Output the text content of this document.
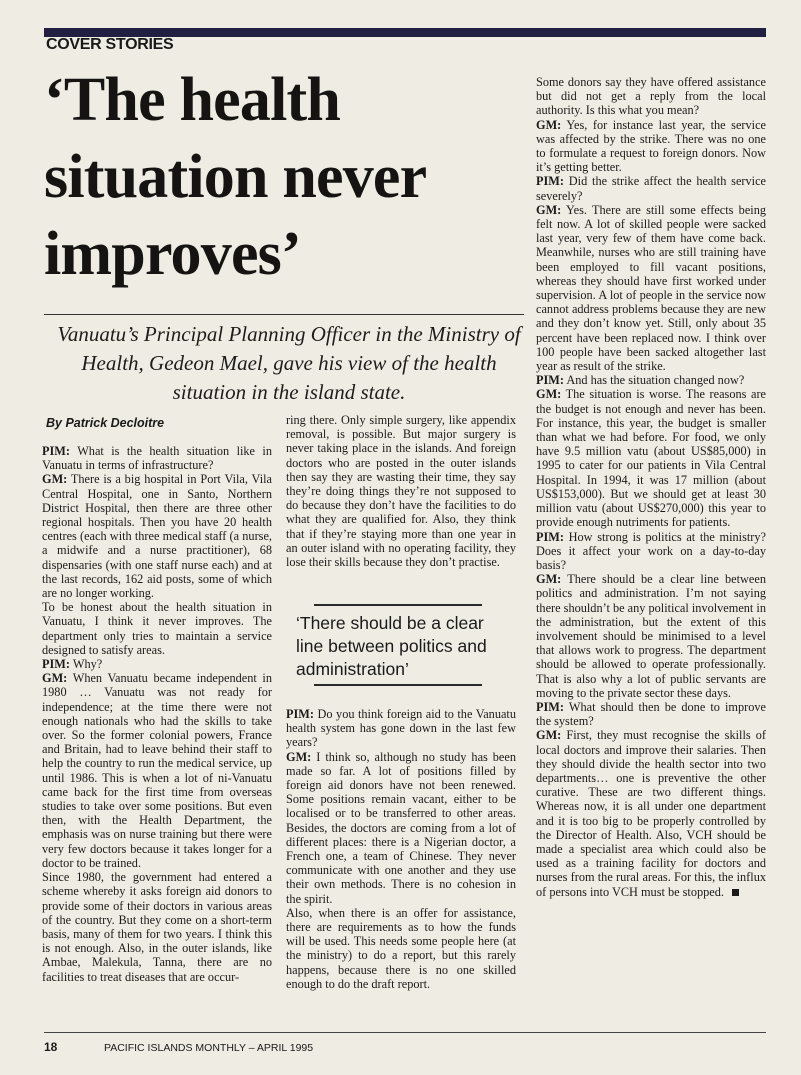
COVER STORIES
‘The health
situation never
improves’
Vanuatu’s Principal Planning Officer in the Ministry of Health, Gedeon Mael, gave his view of the health situation in the island state.
By Patrick Decloitre

PIM: What is the health situation like in Vanuatu in terms of infrastructure?

GM: There is a big hospital in Port Vila, Vila Central Hospital, one in Santo, Northern District Hospital, then there are three other regional hospitals. Then you have 20 health centres (each with three medical staff (a nurse, a midwife and a nurse practitioner), 68 dispensaries (with one staff nurse each) and at the last records, 162 aid posts, some of which are no longer working.

To be honest about the health situation in Vanuatu, I think it never improves. The department only tries to maintain a service designed to satisfy areas.

PIM: Why?

GM: When Vanuatu became independent in 1980 … Vanuatu was not ready for independence; at the time there were not enough nationals who had the skills to take over. So the former colonial powers, France and Britain, had to leave behind their staff to help the country to run the medical service, up until 1986. This is when a lot of ni-Vanuatu came back for the first time from overseas studies to take over some positions. But even then, with the Health Department, the emphasis was on nurse training but there were very few doctors because it takes longer for a doctor to be trained.

Since 1980, the government had entered a scheme whereby it asks foreign aid donors to provide some of their doctors in various areas of the country. But they come on a short-term basis, many of them for two years. I think this is not enough. Also, in the outer islands, like Ambae, Malekula, Tanna, there are no facilities to treat diseases that are occur-

ring there. Only simple surgery, like appendix removal, is possible. But major surgery is never taking place in the islands. And foreign doctors who are posted in the outer islands then say they are wasting their time, they say they’re doing things they’re not supposed to do because they don’t have the facilities to do what they are qualified for. Also, they think that if they’re staying more than one year in an outer island with no operating facility, they lose their skills because they don’t practise.

‘There should be a clear line between politics and administration’

PIM: Do you think foreign aid to the Vanuatu health system has gone down in the last few years?

GM: I think so, although no study has been made so far. A lot of positions filled by foreign aid donors have not been renewed. Some positions remain vacant, either to be localised or to be transferred to other areas. Besides, the doctors are coming from a lot of different places: there is a Nigerian doctor, a French one, a team of Chinese. They never communicate with one another and they use their own methods. There is no cohesion in the spirit.

Also, when there is an offer for assistance, there are requirements as to how the funds will be used. This needs some people here (at the ministry) to do a report, but this rarely happens, because there is no one skilled enough to do the draft report.

Some donors say they have offered assistance but did not get a reply from the local authority. Is this what you mean?

GM: Yes, for instance last year, the service was affected by the strike. There was no one to formulate a request to foreign donors. Now it’s getting better.

PIM: Did the strike affect the health service severely?

GM: Yes. There are still some effects being felt now. A lot of skilled people were sacked last year, very few of them have come back. Meanwhile, nurses who are still training have been employed to fill vacant positions, whereas they should have first worked under supervision. A lot of people in the service now cannot address problems because they are new and they don’t know yet. Still, only about 35 percent have been replaced now. I think over 100 people have been sacked altogether last year as result of the strike.

PIM: And has the situation changed now?

GM: The situation is worse. The reasons are the budget is not enough and never has been. For instance, this year, the budget is smaller than what we had before. For food, we only have 9.5 million vatu (about US$85,000) in 1995 to cater for our patients in Vila Central Hospital. In 1994, it was 17 million (about US$153,000). But we should get at least 30 million vatu (about US$270,000) this year to provide enough nutriments for patients.

PIM: How strong is politics at the ministry? Does it affect your work on a day-to-day basis?

GM: There should be a clear line between politics and administration. I’m not saying there shouldn’t be any political involvement in the administration, but the extent of this involvement should be minimised to a level that allows work to progress. The department should be allowed to operate professionally. That is also why a lot of public servants are moving to the private sector these days.

PIM: What should then be done to improve the system?

GM: First, they must recognise the skills of local doctors and improve their salaries. Then they should divide the health sector into two departments… one is preventive the other curative. These are two different things. Whereas now, it is all under one department and it is too big to be properly controlled by the Director of Health. Also, VCH should be made a specialist area which could also be used as a training facility for doctors and nurses from the rural areas. For this, the influx of persons into VCH must be stopped.

18	PACIFIC ISLANDS MONTHLY – APRIL 1995
